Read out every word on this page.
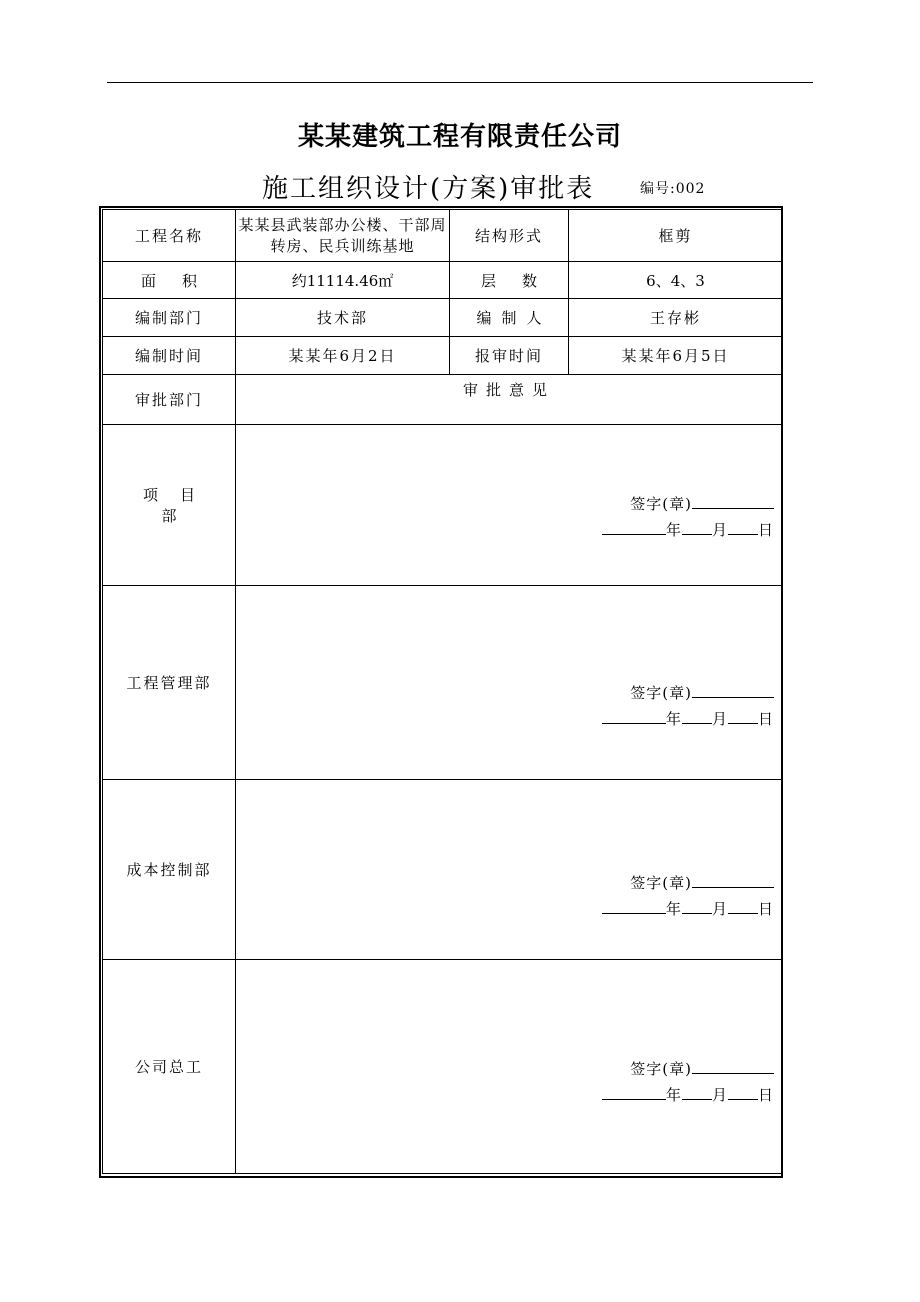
某某建筑工程有限责任公司
施工组织设计(方案)审批表	编号:002
工程名称	某某县武装部办公楼、干部周转房、民兵训练基地	结构形式	框剪
面积	约11114.46㎡	层数	6、4、3
编制部门	技术部	编制人	王存彬
编制时间	某某年6月2日	报审时间	某某年6月5日
审批部门	审批意见		
项目部	签字(章)
年 月 日		

工程管理部	签字(章)
年 月 日		

成本控制部	签字(章)
年 月 日		

公司总工	签字(章)
年 月 日		
